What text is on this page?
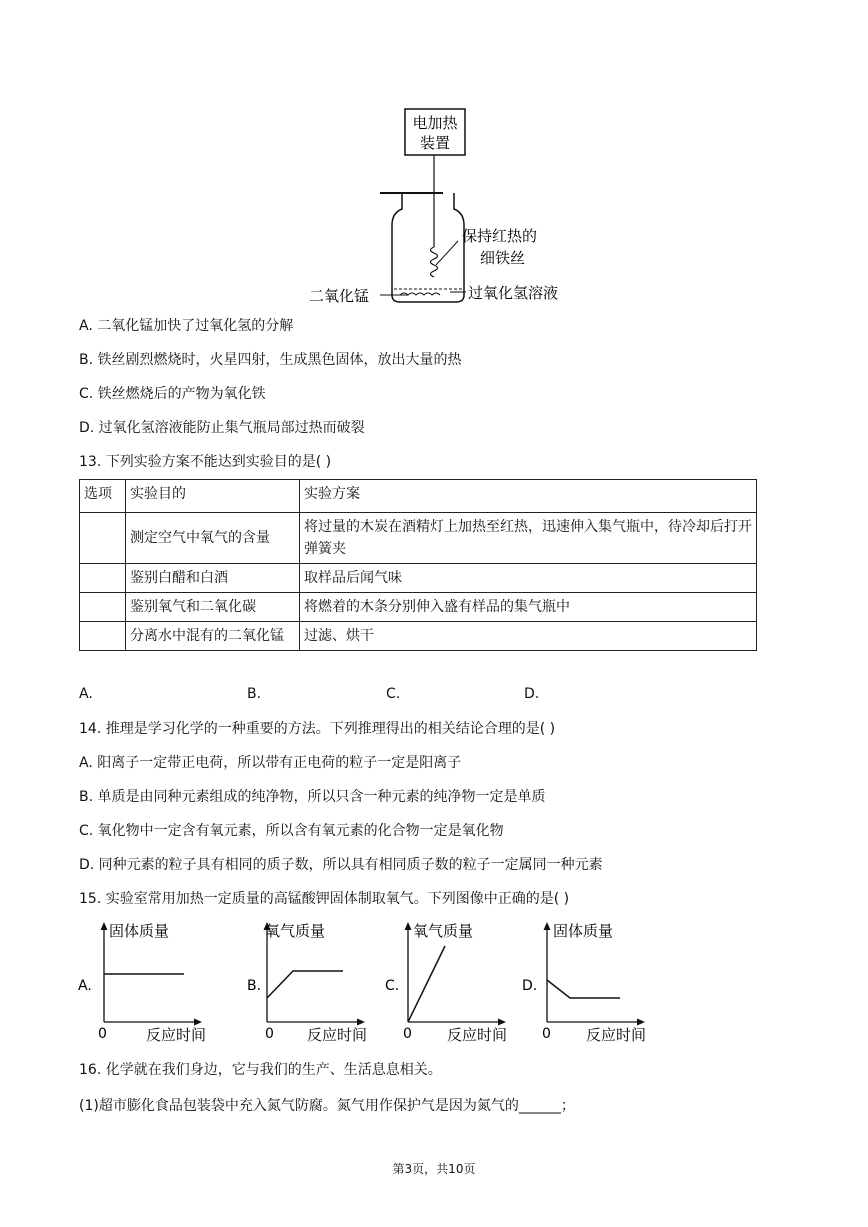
电加热
装置
保持红热的
细铁丝
二氧化锰	过氧化氢溶液
A. 二氧化锰加快了过氧化氢的分解
B. 铁丝剧烈燃烧时，火星四射，生成黑色固体，放出大量的热
C. 铁丝燃烧后的产物为氧化铁
D. 过氧化氢溶液能防止集气瓶局部过热而破裂
13. 下列实验方案不能达到实验目的是( )
选项	实验目的	实验方案
	测定空气中氧气的含量	将过量的木炭在酒精灯上加热至红热，迅速伸入集气瓶中，待冷却后打开弹簧夹
	鉴别白醋和白酒	取样品后闻气味
	鉴别氧气和二氧化碳	将燃着的木条分别伸入盛有样品的集气瓶中
	分离水中混有的二氧化锰	过滤、烘干
A.	B.	C.	D.
14. 推理是学习化学的一种重要的方法。下列推理得出的相关结论合理的是( )
A. 阳离子一定带正电荷，所以带有正电荷的粒子一定是阳离子
B. 单质是由同种元素组成的纯净物，所以只含一种元素的纯净物一定是单质
C. 氧化物中一定含有氧元素，所以含有氧元素的化合物一定是氧化物
D. 同种元素的粒子具有相同的质子数，所以具有相同质子数的粒子一定属同一种元素
15. 实验室常用加热一定质量的高锰酸钾固体制取氧气。下列图像中正确的是( )
A.
固体质量
0	反应时间
B.
氧气质量
0 反应时间
C.
氧气质量
0 反应时间
D.
固体质量
0 反应时间
16. 化学就在我们身边，它与我们的生产、生活息息相关。
(1)超市膨化食品包装袋中充入氮气防腐。氮气用作保护气是因为氮气的______；
第3页，共10页
